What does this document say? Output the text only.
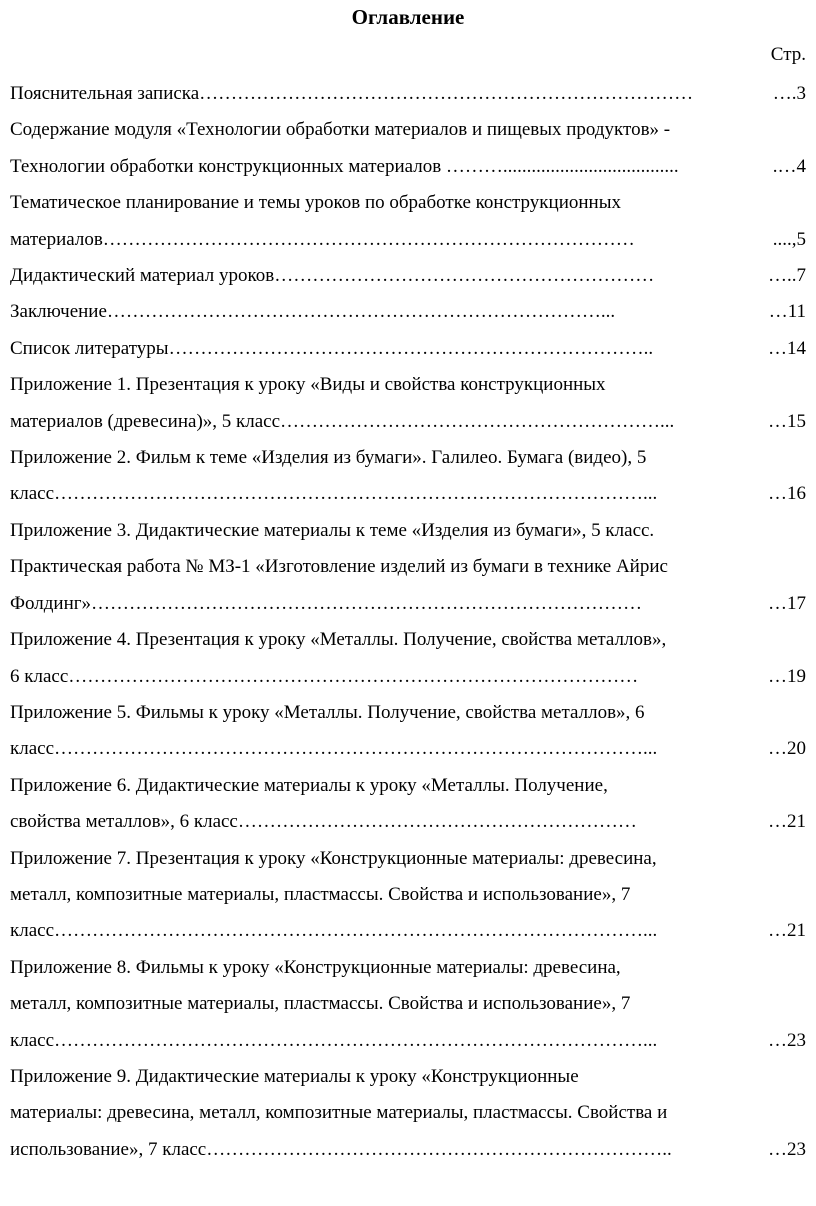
Оглавление
Стр.
Пояснительная записка……………………………………………………………………	….3
Содержание модуля «Технологии обработки материалов и пищевых продуктов» -
Технологии обработки конструкционных материалов ……….....................................	.…4
Тематическое планирование и темы уроков по обработке конструкционных
материалов…………………………………………………………………………	....,5
Дидактический материал уроков……………………………………………………	…..7
Заключение……………………………………………………………………...	…11
Список литературы…………………………………………………………………..	…14
Приложение 1. Презентация к уроку «Виды и свойства конструкционных
материалов (древесина)», 5 класс……………………………………………………...	…15
Приложение 2. Фильм к теме «Изделия из бумаги». Галилео. Бумага (видео), 5
класс…………………………………………………………………………………...	…16
Приложение 3. Дидактические материалы к теме «Изделия из бумаги», 5 класс.
Практическая работа № МЗ-1 «Изготовление изделий из бумаги в технике Айрис
Фолдинг»……………………………………………………………………………	…17
Приложение 4. Презентация к уроку «Металлы. Получение, свойства металлов»,
6 класс………………………………………………………………………………	…19
Приложение 5. Фильмы к уроку «Металлы. Получение, свойства металлов», 6
класс…………………………………………………………………………………...	…20
Приложение 6. Дидактические материалы к уроку «Металлы. Получение,
свойства металлов», 6 класс………………………………………………………	…21
Приложение 7. Презентация к уроку «Конструкционные материалы: древесина,
металл, композитные материалы, пластмассы. Свойства и использование», 7
класс…………………………………………………………………………………...	…21
Приложение 8. Фильмы к уроку «Конструкционные материалы: древесина,
металл, композитные материалы, пластмассы. Свойства и использование», 7
класс…………………………………………………………………………………...	…23
Приложение 9. Дидактические материалы к уроку «Конструкционные
материалы: древесина, металл, композитные материалы, пластмассы. Свойства и
использование», 7 класс………………………………………………………………..	…23
